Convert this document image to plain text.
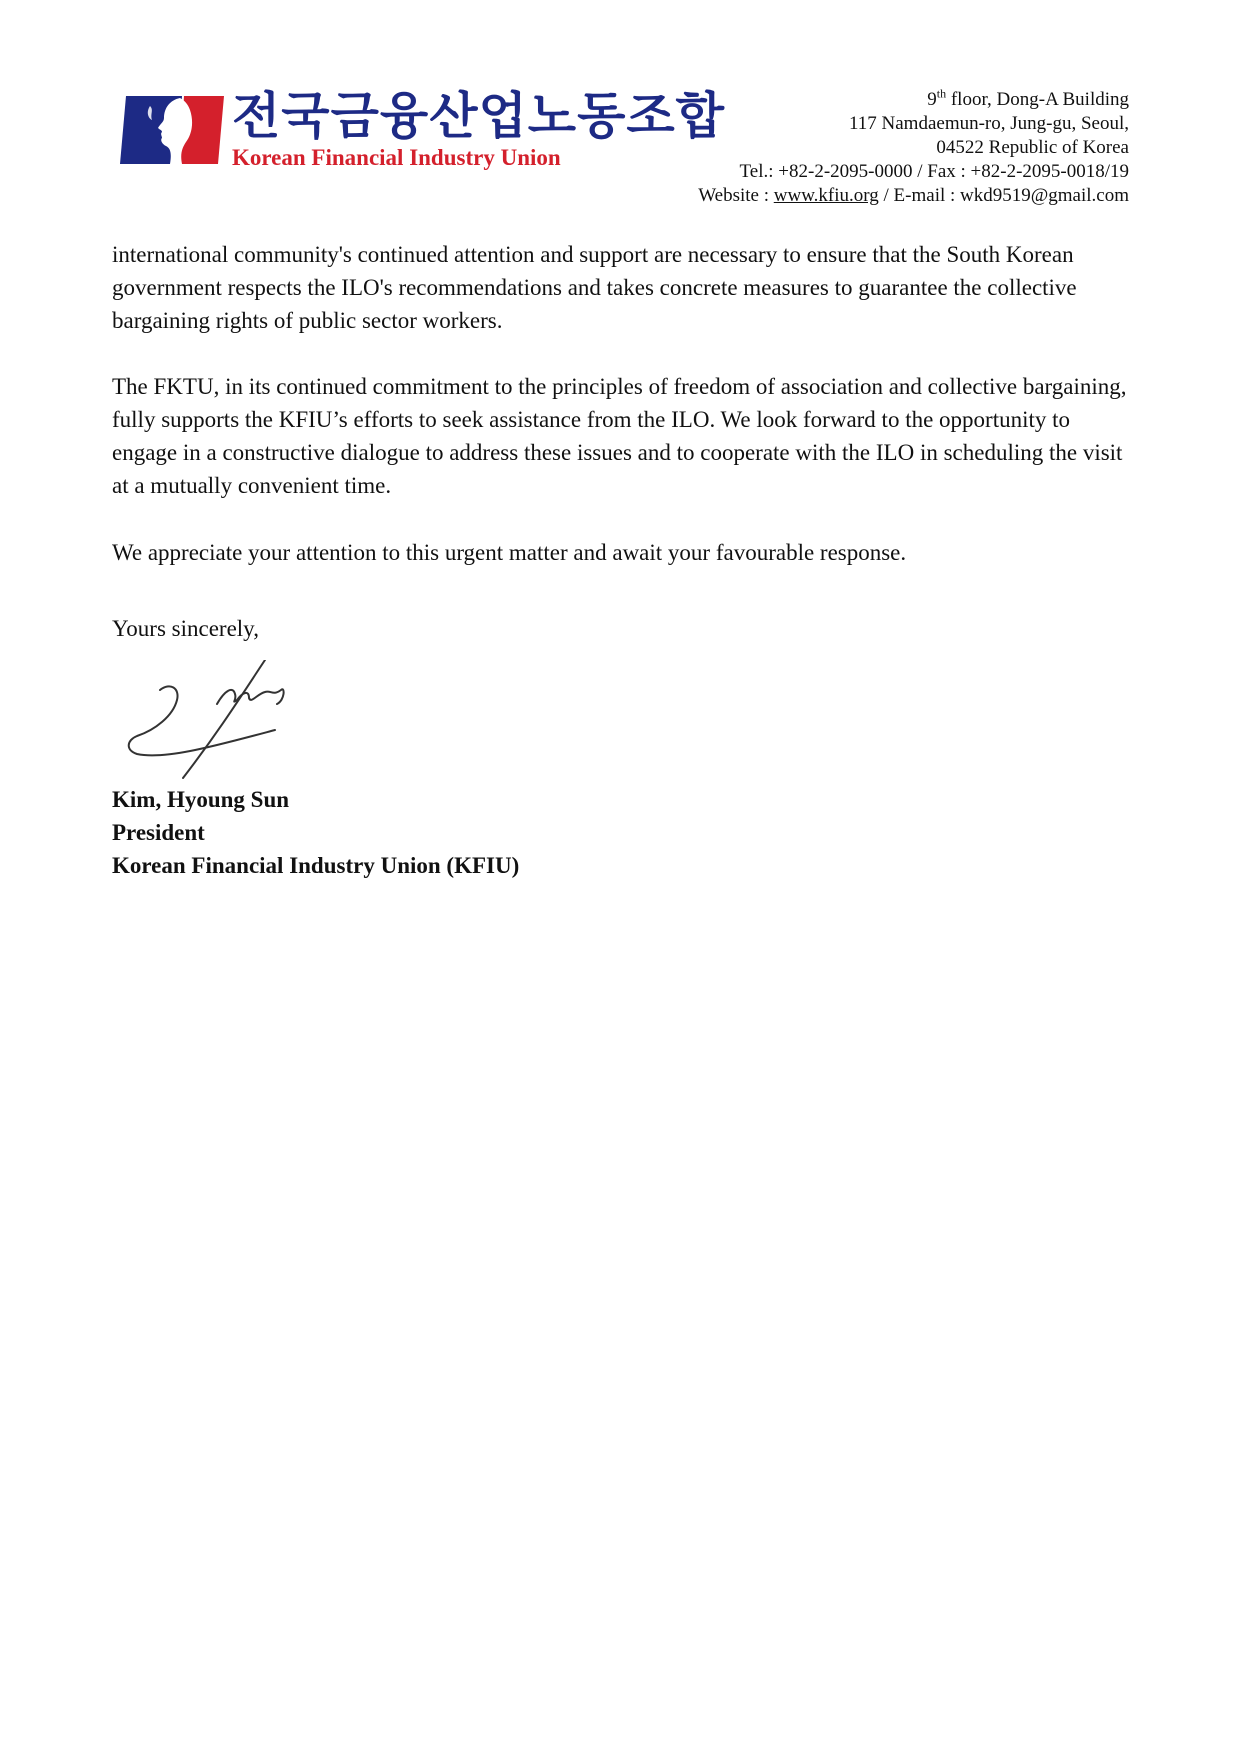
전국금융산업노동조합
Korean Financial Industry Union
9th floor, Dong-A Building
117 Namdaemun-ro, Jung-gu, Seoul,
04522 Republic of Korea
Tel.: +82-2-2095-0000 / Fax : +82-2-2095-0018/19
Website : www.kfiu.org / E-mail : wkd9519@gmail.com

international community's continued attention and support are necessary to ensure that the South Korean government respects the ILO's recommendations and takes concrete measures to guarantee the collective bargaining rights of public sector workers.

The FKTU, in its continued commitment to the principles of freedom of association and collective bargaining, fully supports the KFIU’s efforts to seek assistance from the ILO. We look forward to the opportunity to engage in a constructive dialogue to address these issues and to cooperate with the ILO in scheduling the visit at a mutually convenient time.

We appreciate your attention to this urgent matter and await your favourable response.

Yours sincerely,
Kim, Hyoung Sun
President
Korean Financial Industry Union (KFIU)
